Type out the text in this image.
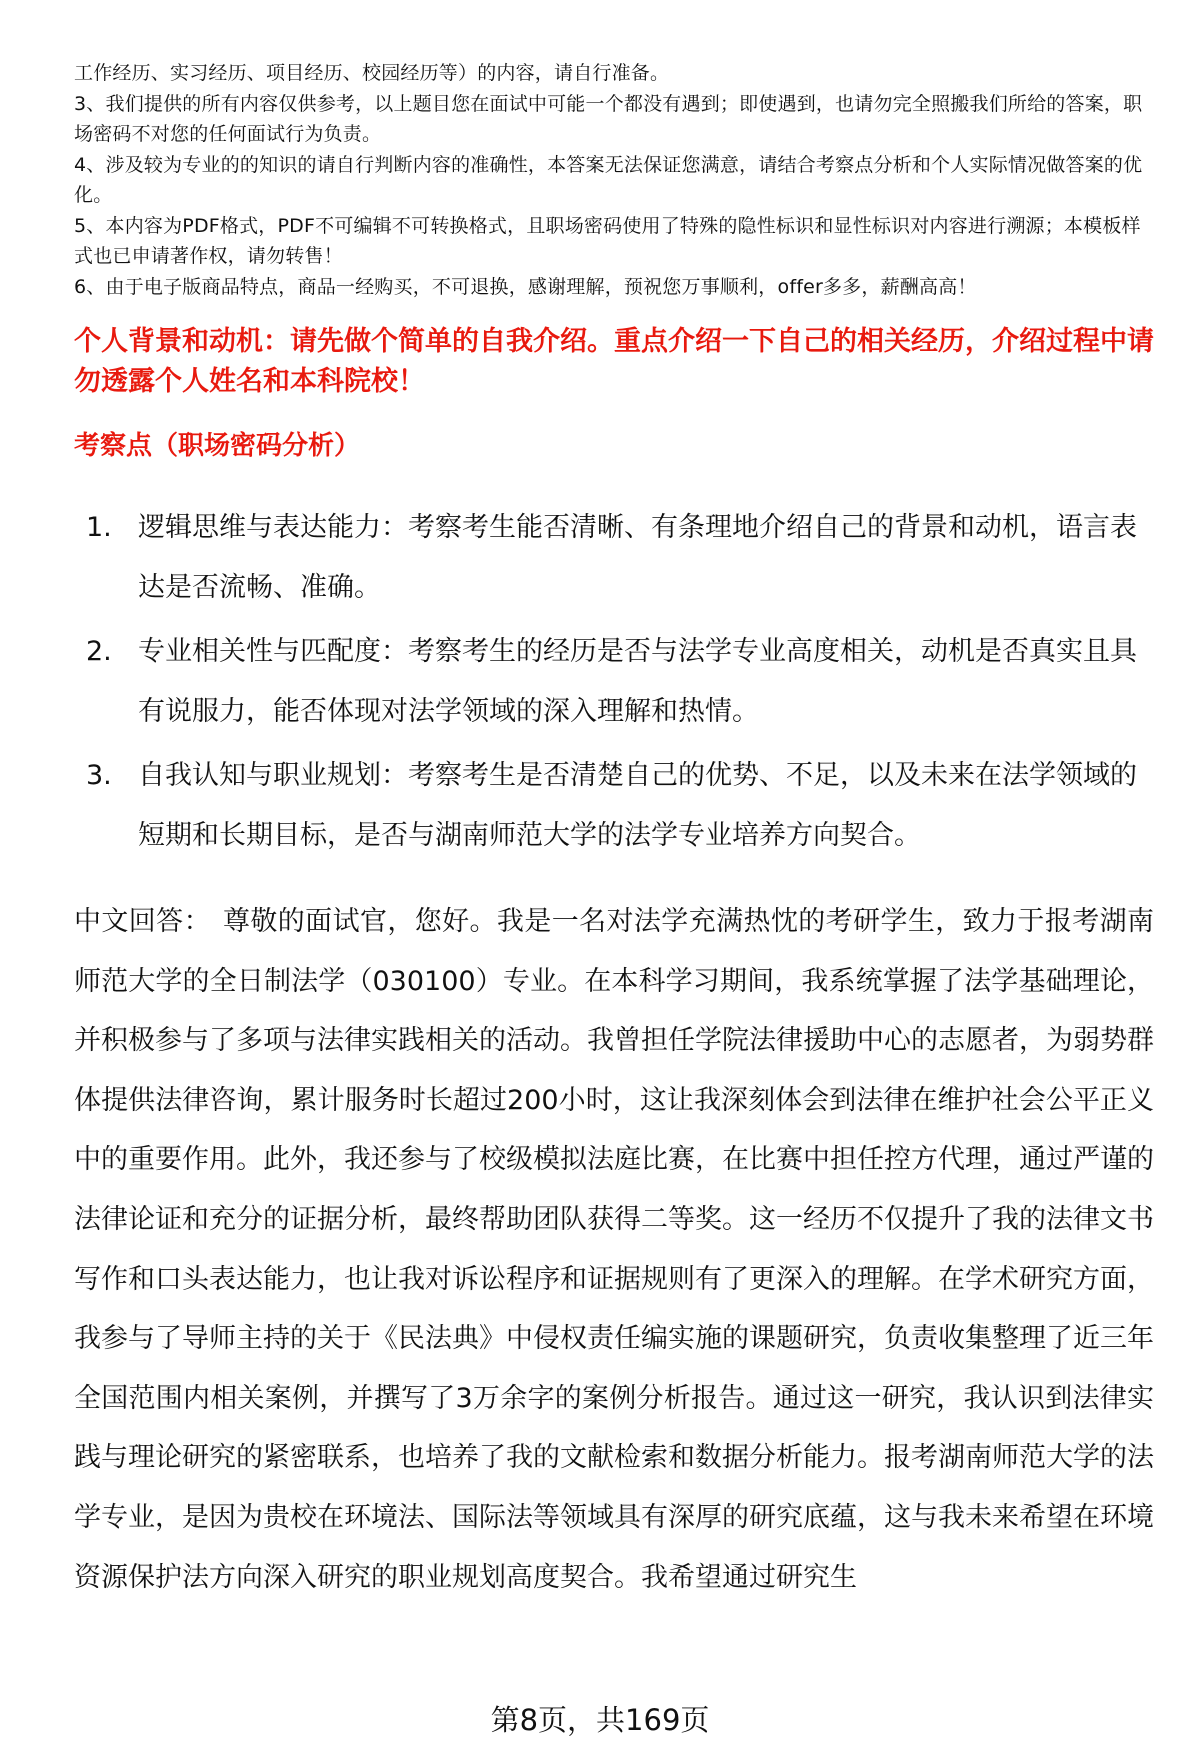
工作经历、实习经历、项目经历、校园经历等）的内容，请自行准备。

3、我们提供的所有内容仅供参考，以上题目您在面试中可能一个都没有遇到；即使遇到，也请勿完全照搬我们所给的答案，职场密码不对您的任何面试行为负责。

4、涉及较为专业的的知识的请自行判断内容的准确性，本答案无法保证您满意，请结合考察点分析和个人实际情况做答案的优化。

5、本内容为PDF格式，PDF不可编辑不可转换格式，且职场密码使用了特殊的隐性标识和显性标识对内容进行溯源；本模板样式也已申请著作权，请勿转售！

6、由于电子版商品特点，商品一经购买，不可退换，感谢理解，预祝您万事顺利，offer多多，薪酬高高！

个人背景和动机：请先做个简单的自我介绍。重点介绍一下自己的相关经历，介绍过程中请勿透露个人姓名和本科院校！
考察点（职场密码分析）
1. 逻辑思维与表达能力：考察考生能否清晰、有条理地介绍自己的背景和动机，语言表达是否流畅、准确。
2. 专业相关性与匹配度：考察考生的经历是否与法学专业高度相关，动机是否真实且具有说服力，能否体现对法学领域的深入理解和热情。
3. 自我认知与职业规划：考察考生是否清楚自己的优势、不足，以及未来在法学领域的短期和长期目标，是否与湖南师范大学的法学专业培养方向契合。

中文回答： 尊敬的面试官，您好。我是一名对法学充满热忱的考研学生，致力于报考湖南师范大学的全日制法学（030100）专业。在本科学习期间，我系统掌握了法学基础理论，并积极参与了多项与法律实践相关的活动。我曾担任学院法律援助中心的志愿者，为弱势群体提供法律咨询，累计服务时长超过200小时，这让我深刻体会到法律在维护社会公平正义中的重要作用。此外，我还参与了校级模拟法庭比赛，在比赛中担任控方代理，通过严谨的法律论证和充分的证据分析，最终帮助团队获得二等奖。这一经历不仅提升了我的法律文书写作和口头表达能力，也让我对诉讼程序和证据规则有了更深入的理解。在学术研究方面，我参与了导师主持的关于《民法典》中侵权责任编实施的课题研究，负责收集整理了近三年全国范围内相关案例，并撰写了3万余字的案例分析报告。通过这一研究，我认识到法律实践与理论研究的紧密联系，也培养了我的文献检索和数据分析能力。报考湖南师范大学的法学专业，是因为贵校在环境法、国际法等领域具有深厚的研究底蕴，这与我未来希望在环境资源保护法方向深入研究的职业规划高度契合。我希望通过研究生

第8页，共169页
